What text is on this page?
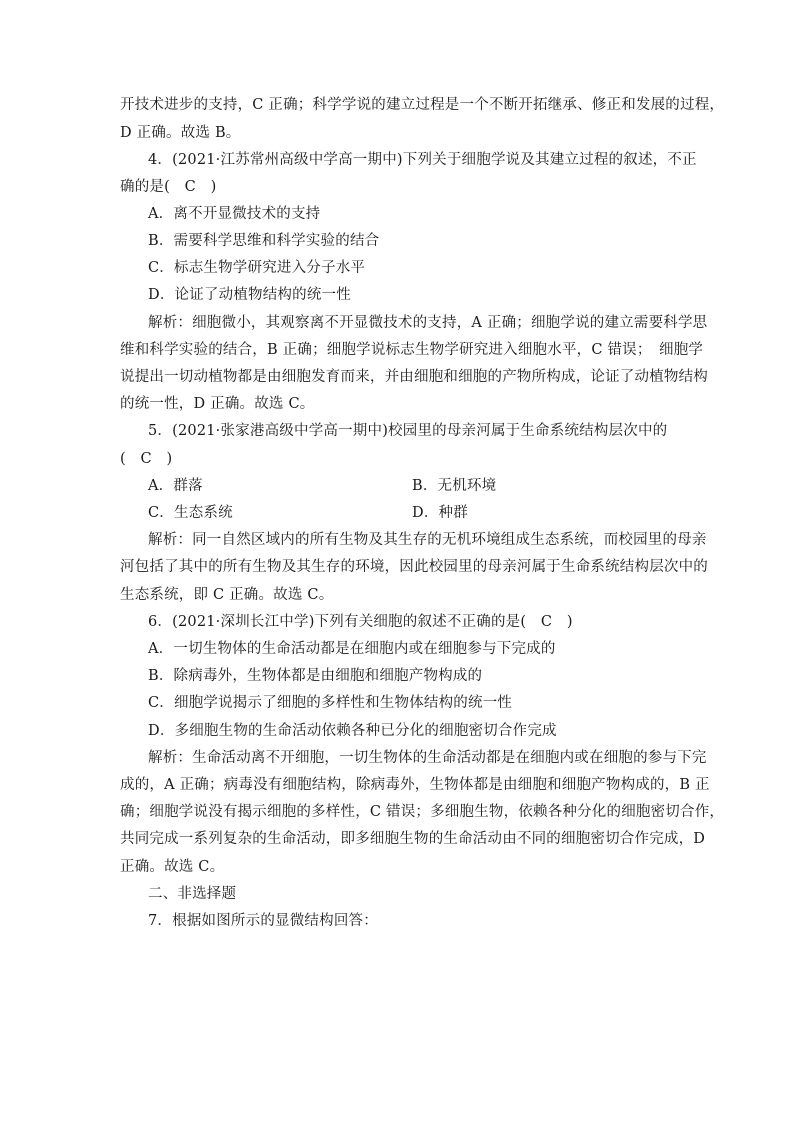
开技术进步的支持，C 正确；科学学说的建立过程是一个不断开拓继承、修正和发展的过程，
D 正确。故选 B。
4．(2021·江苏常州高级中学高一期中)下列关于细胞学说及其建立过程的叙述，不正
确的是(　C　)
A．离不开显微技术的支持
B．需要科学思维和科学实验的结合
C．标志生物学研究进入分子水平
D．论证了动植物结构的统一性
解析：细胞微小，其观察离不开显微技术的支持，A 正确；细胞学说的建立需要科学思
维和科学实验的结合，B 正确；细胞学说标志生物学研究进入细胞水平，C 错误；　细胞学
说提出一切动植物都是由细胞发育而来，并由细胞和细胞的产物所构成，论证了动植物结构
的统一性，D 正确。故选 C。
5．(2021·张家港高级中学高一期中)校园里的母亲河属于生命系统结构层次中的
(　C　)
A．群落	B．无机环境
C．生态系统	D．种群
解析：同一自然区域内的所有生物及其生存的无机环境组成生态系统，而校园里的母亲
河包括了其中的所有生物及其生存的环境，因此校园里的母亲河属于生命系统结构层次中的
生态系统，即 C 正确。故选 C。
6．(2021·深圳长江中学)下列有关细胞的叙述不正确的是(　C　)
A．一切生物体的生命活动都是在细胞内或在细胞参与下完成的
B．除病毒外，生物体都是由细胞和细胞产物构成的
C．细胞学说揭示了细胞的多样性和生物体结构的统一性
D．多细胞生物的生命活动依赖各种已分化的细胞密切合作完成
解析：生命活动离不开细胞，一切生物体的生命活动都是在细胞内或在细胞的参与下完
成的，A 正确；病毒没有细胞结构，除病毒外，生物体都是由细胞和细胞产物构成的，B 正
确；细胞学说没有揭示细胞的多样性，C 错误；多细胞生物，依赖各种分化的细胞密切合作，
共同完成一系列复杂的生命活动，即多细胞生物的生命活动由不同的细胞密切合作完成，D
正确。故选 C。
二、非选择题
7．根据如图所示的显微结构回答：
